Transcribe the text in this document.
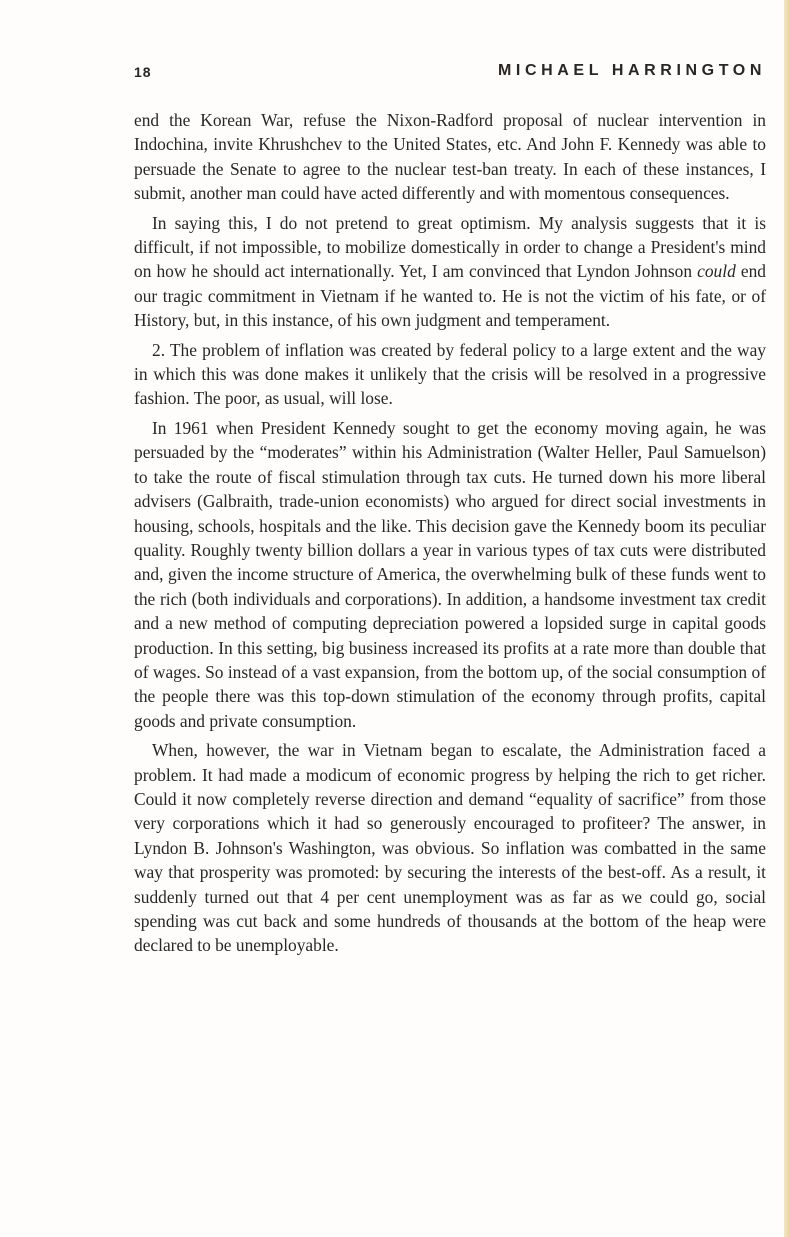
18	MICHAEL HARRINGTON

end the Korean War, refuse the Nixon-Radford proposal of nuclear intervention in Indochina, invite Khrushchev to the United States, etc. And John F. Kennedy was able to persuade the Senate to agree to the nuclear test-ban treaty. In each of these instances, I submit, another man could have acted differently and with momentous consequences.

In saying this, I do not pretend to great optimism. My analysis suggests that it is difficult, if not impossible, to mobilize domestically in order to change a President's mind on how he should act internationally. Yet, I am convinced that Lyndon Johnson could end our tragic commitment in Vietnam if he wanted to. He is not the victim of his fate, or of History, but, in this instance, of his own judgment and temperament.

2. The problem of inflation was created by federal policy to a large extent and the way in which this was done makes it unlikely that the crisis will be resolved in a progressive fashion. The poor, as usual, will lose.

In 1961 when President Kennedy sought to get the economy moving again, he was persuaded by the “moderates” within his Administration (Walter Heller, Paul Samuelson) to take the route of fiscal stimulation through tax cuts. He turned down his more liberal advisers (Galbraith, trade-union economists) who argued for direct social investments in housing, schools, hospitals and the like. This decision gave the Kennedy boom its peculiar quality. Roughly twenty billion dollars a year in various types of tax cuts were distributed and, given the income structure of America, the overwhelming bulk of these funds went to the rich (both individuals and corporations). In addition, a handsome investment tax credit and a new method of computing depreciation powered a lopsided surge in capital goods production. In this setting, big business increased its profits at a rate more than double that of wages. So instead of a vast expansion, from the bottom up, of the social consumption of the people there was this top-down stimulation of the economy through profits, capital goods and private consumption.

When, however, the war in Vietnam began to escalate, the Administration faced a problem. It had made a modicum of economic progress by helping the rich to get richer. Could it now completely reverse direction and demand “equality of sacrifice” from those very corporations which it had so generously encouraged to profiteer? The answer, in Lyndon B. Johnson's Washington, was obvious. So inflation was combatted in the same way that prosperity was promoted: by securing the interests of the best-off. As a result, it suddenly turned out that 4 per cent unemployment was as far as we could go, social spending was cut back and some hundreds of thousands at the bottom of the heap were declared to be unemployable.
